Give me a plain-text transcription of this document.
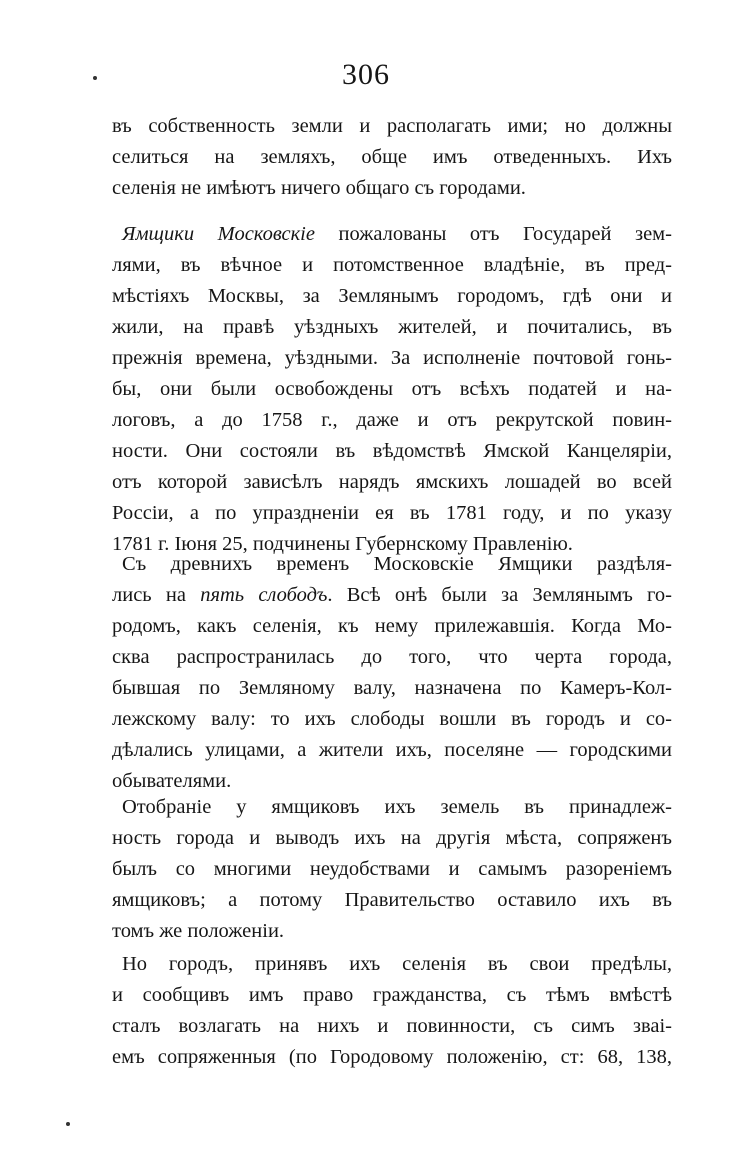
306
въ собственность земли и располагать ими; но должны
селиться на земляхъ, обще имъ отведенныхъ. Ихъ
селенія не имѣютъ ничего общаго съ городами.
Ямщики Московскіе пожалованы отъ Государей зем-
лями, въ вѣчное и потомственное владѣніе, въ пред-
мѣстіяхъ Москвы, за Землянымъ городомъ, гдѣ они и
жили, на правѣ уѣздныхъ жителей, и почитались, въ
прежнія времена, уѣздными. За исполненіе почтовой гонь-
бы, они были освобождены отъ всѣхъ податей и на-
логовъ, а до 1758 г., даже и отъ рекрутской повин-
ности. Они состояли въ вѣдомствѣ Ямской Канцеляріи,
отъ которой зависѣлъ нарядъ ямскихъ лошадей во всей
Россіи, а по упраздненіи ея въ 1781 году, и по указу
1781 г. Іюня 25, подчинены Губернскому Правленію.
Съ древнихъ временъ Московскіе Ямщики раздѣля-
лись на пять слободъ. Всѣ онѣ были за Землянымъ го-
родомъ, какъ селенія, къ нему прилежавшія. Когда Мо-
сква распространилась до того, что черта города,
бывшая по Земляному валу, назначена по Камеръ-Кол-
лежскому валу: то ихъ слободы вошли въ городъ и со-
дѣлались улицами, а жители ихъ, поселяне — городскими
обывателями.
Отобраніе у ямщиковъ ихъ земель въ принадлеж-
ность города и выводъ ихъ на другія мѣста, сопряженъ
былъ со многими неудобствами и самымъ разореніемъ
ямщиковъ; а потому Правительство оставило ихъ въ
томъ же положеніи.
Но городъ, принявъ ихъ селенія въ свои предѣлы,
и сообщивъ имъ право гражданства, съ тѣмъ вмѣстѣ
сталъ возлагать на нихъ и повинности, съ симъ зваі-
емъ сопряженныя (по Городовому положенію, ст: 68, 138,
